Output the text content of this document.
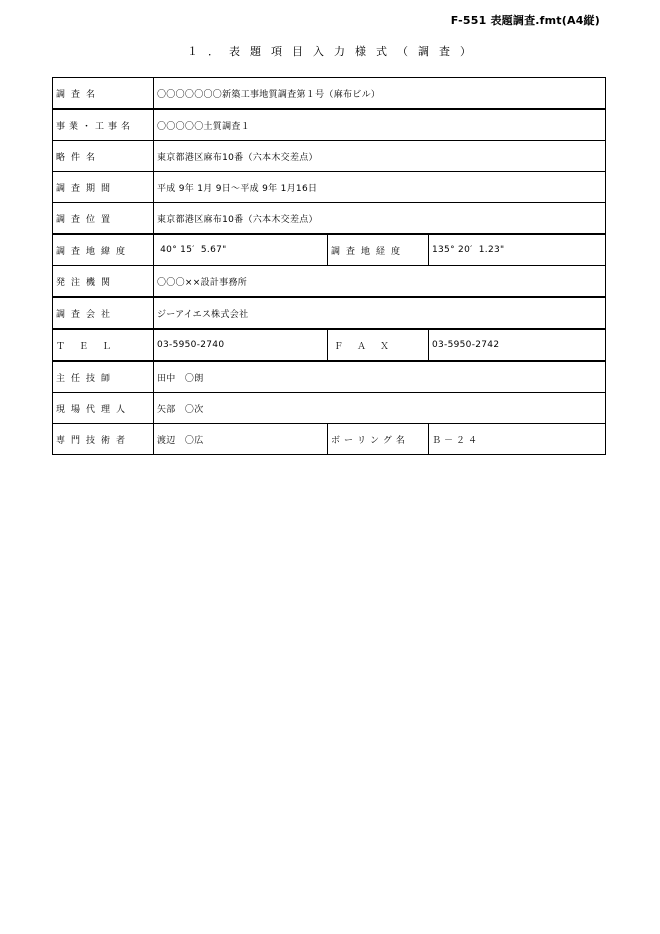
F-551 表題調査.fmt(A4縦)
１．表題項目入力様式（調査）
調査名	〇〇〇〇〇〇〇新築工事地質調査第１号（麻布ビル）		
事業・工事名	〇〇〇〇〇土質調査１		
略件名	東京都港区麻布10番（六本木交差点）		
調査期間	平成 9年 1月 9日～平成 9年 1月16日		
調査位置	東京都港区麻布10番（六本木交差点）		
調査地緯度	40° 15′  5.67"	調査地経度	135° 20′  1.23"
発注機関	〇〇〇××設計事務所		
調査会社	ジーアイエス株式会社		
ＴＥＬ	03-5950-2740	ＦＡＸ	03-5950-2742
主任技師	田中　〇朗		
現場代理人	矢部　〇次		
専門技術者	渡辺　〇広	ボーリング名	Ｂ－２４
